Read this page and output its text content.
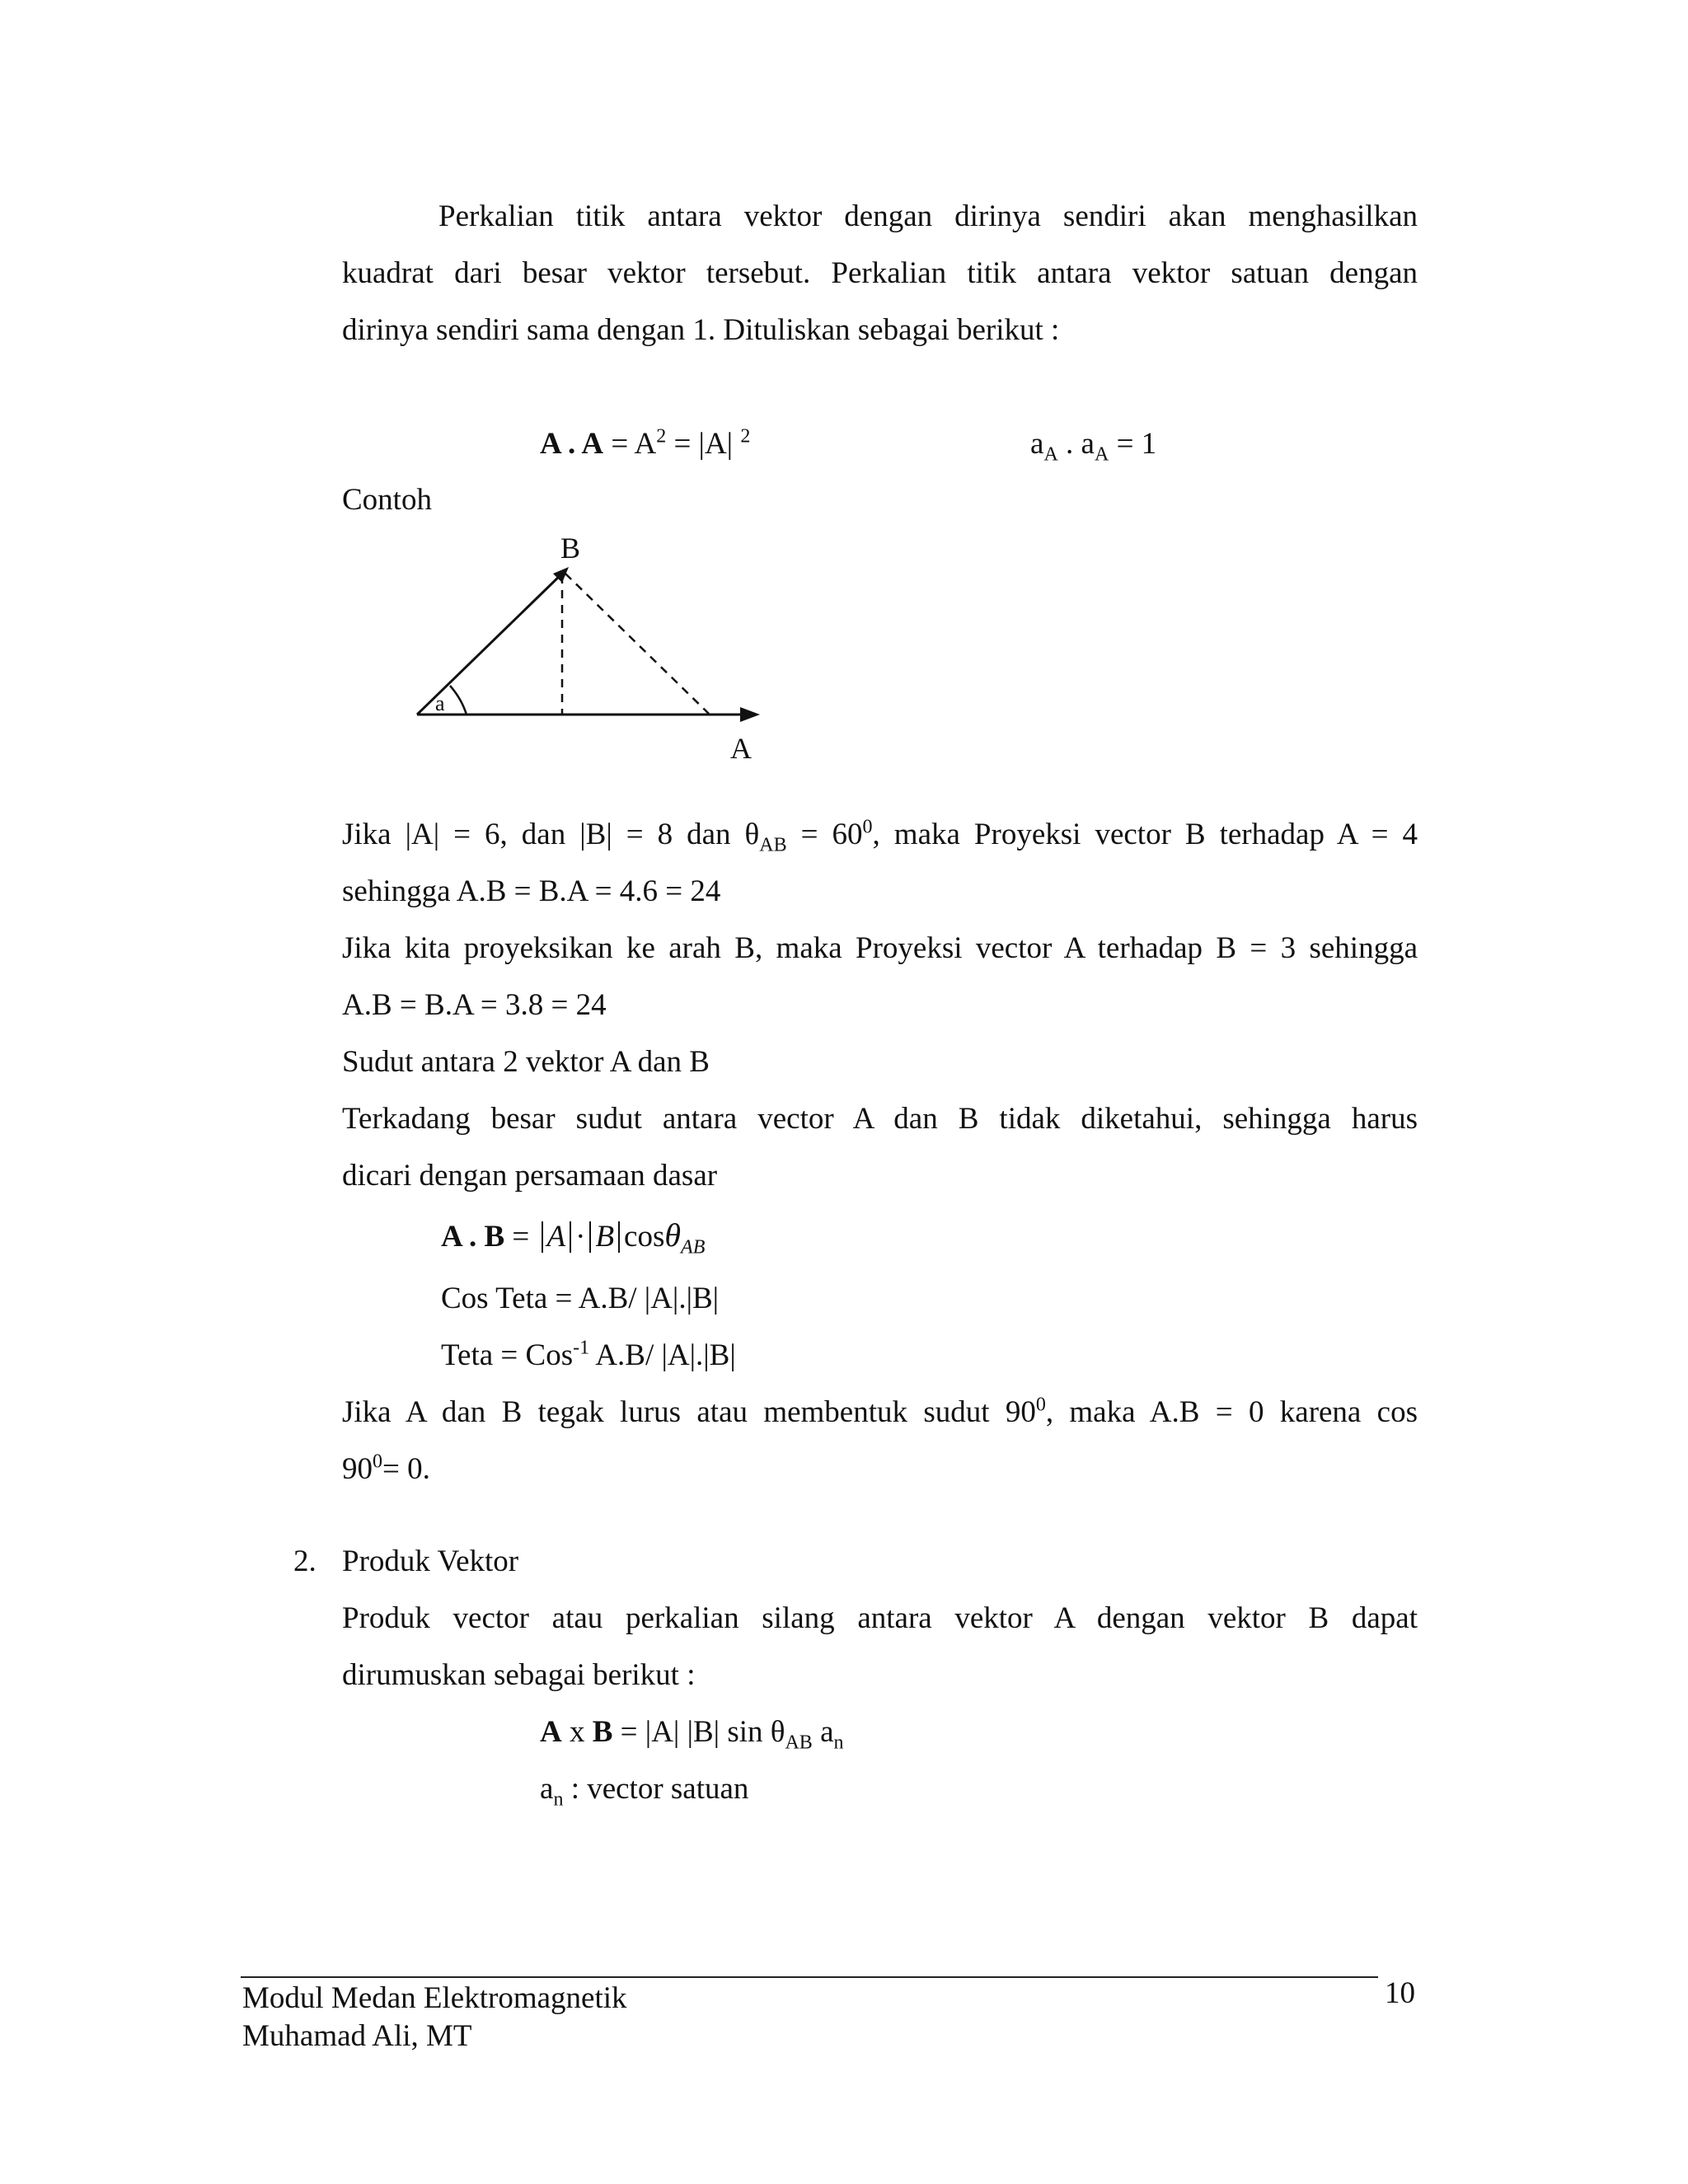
Perkalian titik antara vektor dengan dirinya sendiri akan menghasilkan
kuadrat dari besar vektor tersebut. Perkalian titik antara vektor satuan dengan
dirinya sendiri sama dengan 1. Dituliskan sebagai berikut :
A . $A = A^2 = |A|$ $^2$	$a_A$ . $a_A = 1$
Contoh
B
a
A
Jika |A| = 6, dan |B| = 8 dan $\theta_{AB} = 60^0$, maka Proyeksi vector B terhadap A = 4
sehingga A.B = B.A = 4.6 = 24
Jika kita proyeksikan ke arah B, maka Proyeksi vector A terhadap B = 3 sehingga
A.B = B.A = 3.8 = 24
Sudut antara 2 vektor A dan B
Terkadang besar sudut antara vector A dan B tidak diketahui, sehingga harus
dicari dengan persamaan dasar
A . B = A · B cosθ$_{AB}$
Cos Teta = A.B/ |A|.|B|
Teta = Cos$^{-1}$ A.B/ |A|.|B|
Jika A dan B tegak lurus atau membentuk sudut $90^0$, maka A.B = 0 karena cos
$90^0= 0$.
2. Produk Vektor
Produk vector atau perkalian silang antara vektor A dengan vektor B dapat
dirumuskan sebagai berikut :
A x B = |A| |B| $\sin \theta_{AB}$ $a_n$
$a_n$ : vector satuan
Modul Medan Elektromagnetik
Muhamad Ali, MT
10
